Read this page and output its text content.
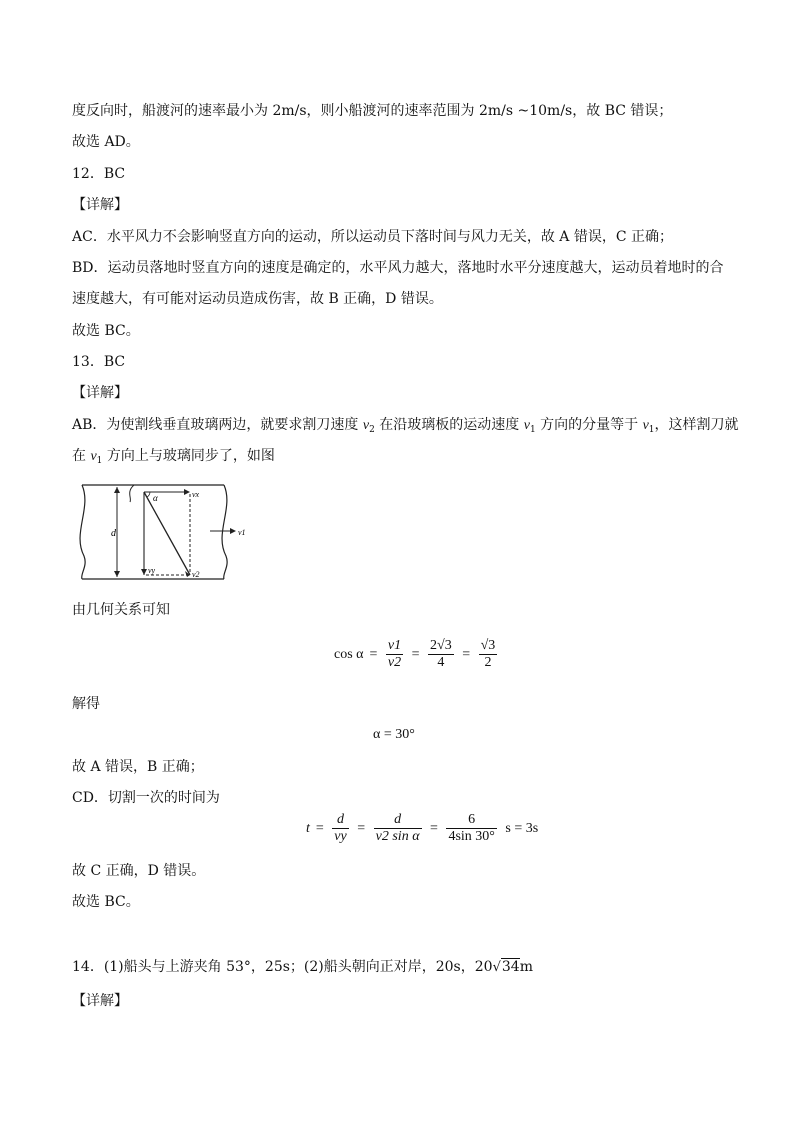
度反向时，船渡河的速率最小为 2m/s，则小船渡河的速率范围为 2m/s ~10m/s，故 BC 错误；
故选 AD。
12．BC
【详解】
AC．水平风力不会影响竖直方向的运动，所以运动员下落时间与风力无关，故 A 错误，C 正确；
BD．运动员落地时竖直方向的速度是确定的，水平风力越大，落地时水平分速度越大，运动员着地时的合
速度越大，有可能对运动员造成伤害，故 B 正确，D 错误。
故选 BC。
13．BC
【详解】
AB．为使割线垂直玻璃两边，就要求割刀速度 $v_2$ 在沿玻璃板的运动速度 $v_1$ 方向的分量等于 $v_1$，这样割刀就
在 $v_1$ 方向上与玻璃同步了，如图
d
α	vx
vy	v2
v1
由几何关系可知
$\cos \alpha = \frac{v1}{v2} = \frac{2√3}{4} = \frac{√3}{2}$
解得
α = 30°
故 A 错误，B 正确；
CD．切割一次的时间为
$t = \frac{d}{vy} = \frac{d}{\text{v2 sin α}} = \frac{6}{4\sin 30^\circ}$ s = 3s
故 C 正确，D 错误。
故选 BC。
14．(1)船头与上游夹角 53°，25s；(2)船头朝向正对岸，20s，20√34m
【详解】
